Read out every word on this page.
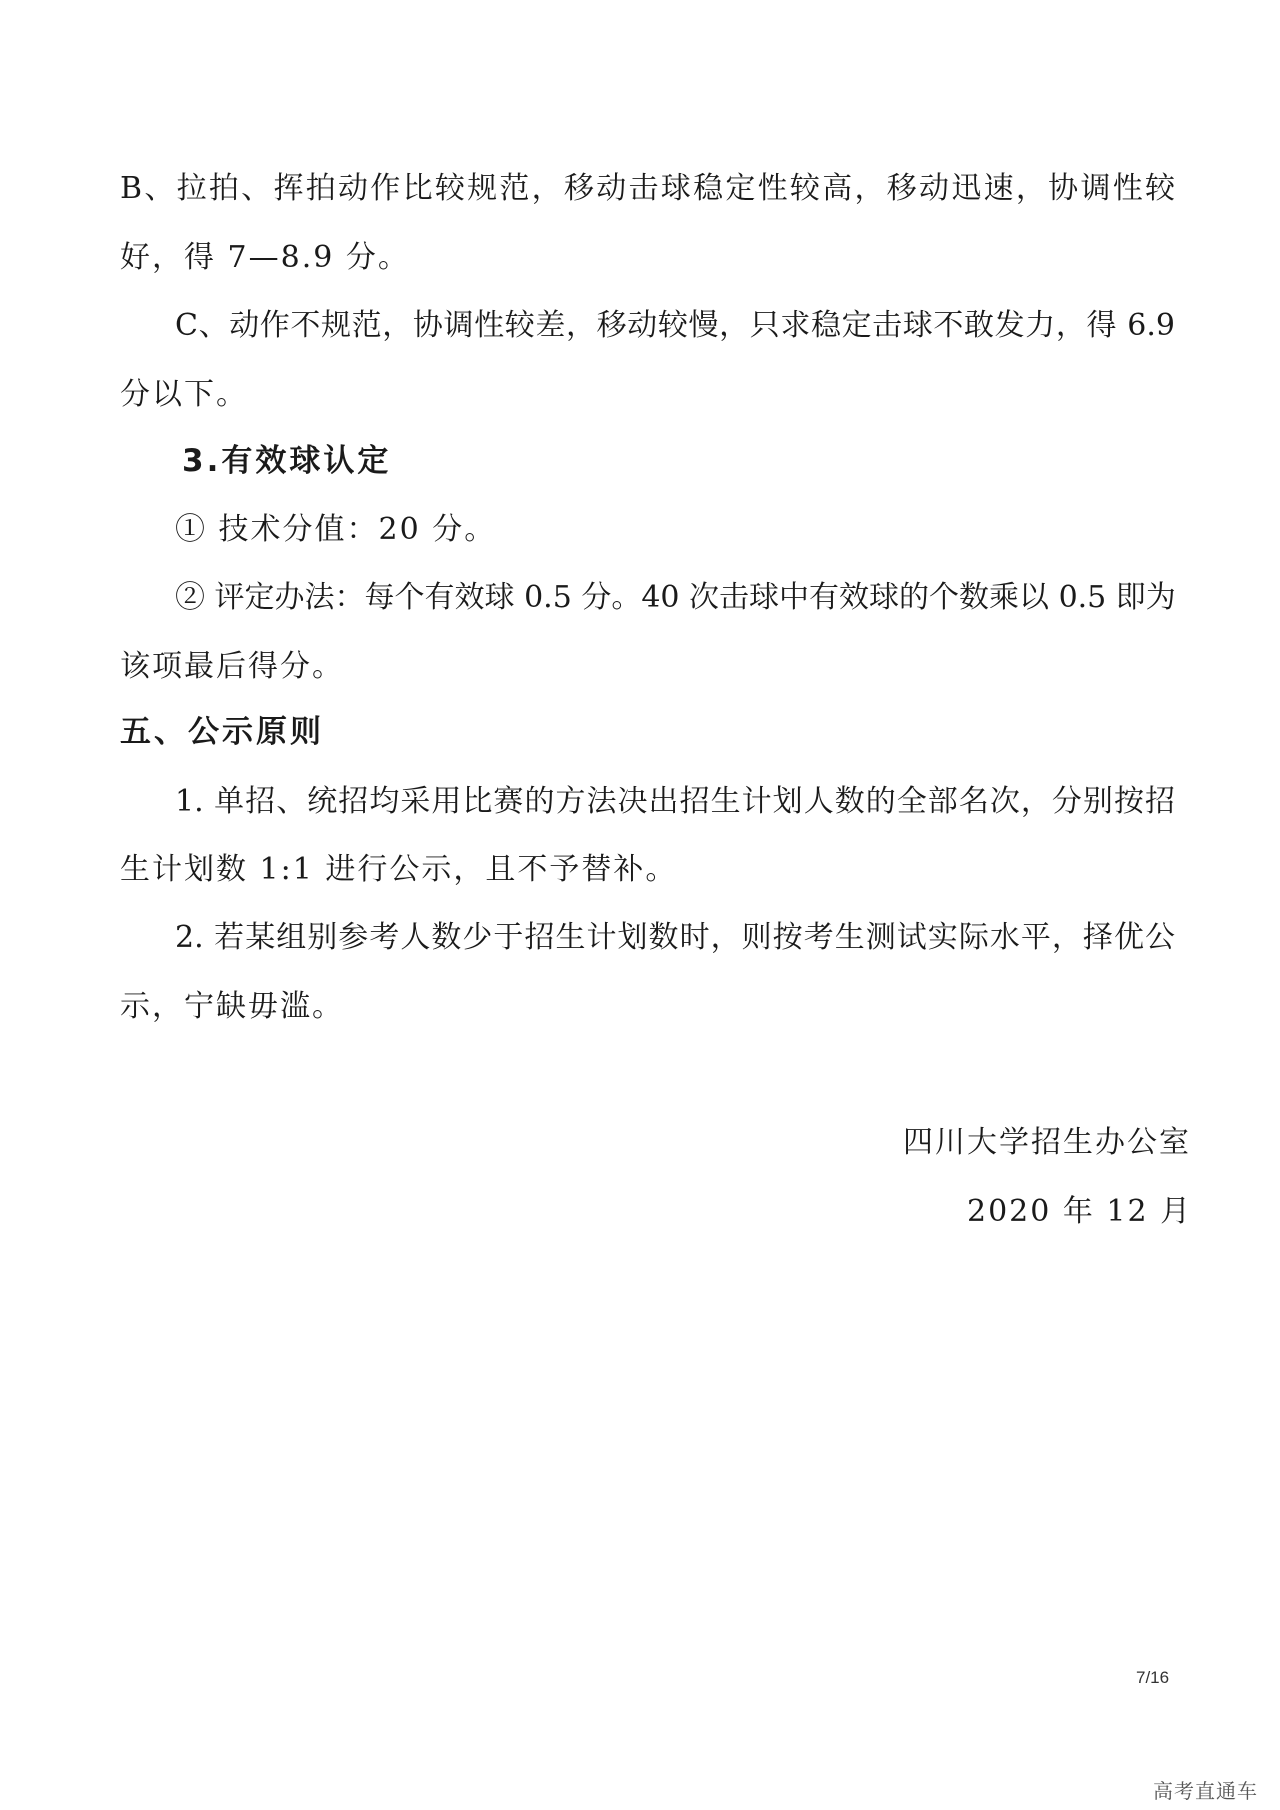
B、拉拍、挥拍动作比较规范，移动击球稳定性较高，移动迅速，协调性较
好，得 7—8.9 分。
C、动作不规范，协调性较差，移动较慢，只求稳定击球不敢发力，得 6.9
分以下。
3.有效球认定
① 技术分值：20 分。
② 评定办法：每个有效球 0.5 分。40 次击球中有效球的个数乘以 0.5 即为
该项最后得分。
五、公示原则
1. 单招、统招均采用比赛的方法决出招生计划人数的全部名次，分别按招
生计划数 1:1 进行公示，且不予替补。
2. 若某组别参考人数少于招生计划数时，则按考生测试实际水平，择优公
示，宁缺毋滥。
四川大学招生办公室
2020 年 12 月
7/16
高考直通车
